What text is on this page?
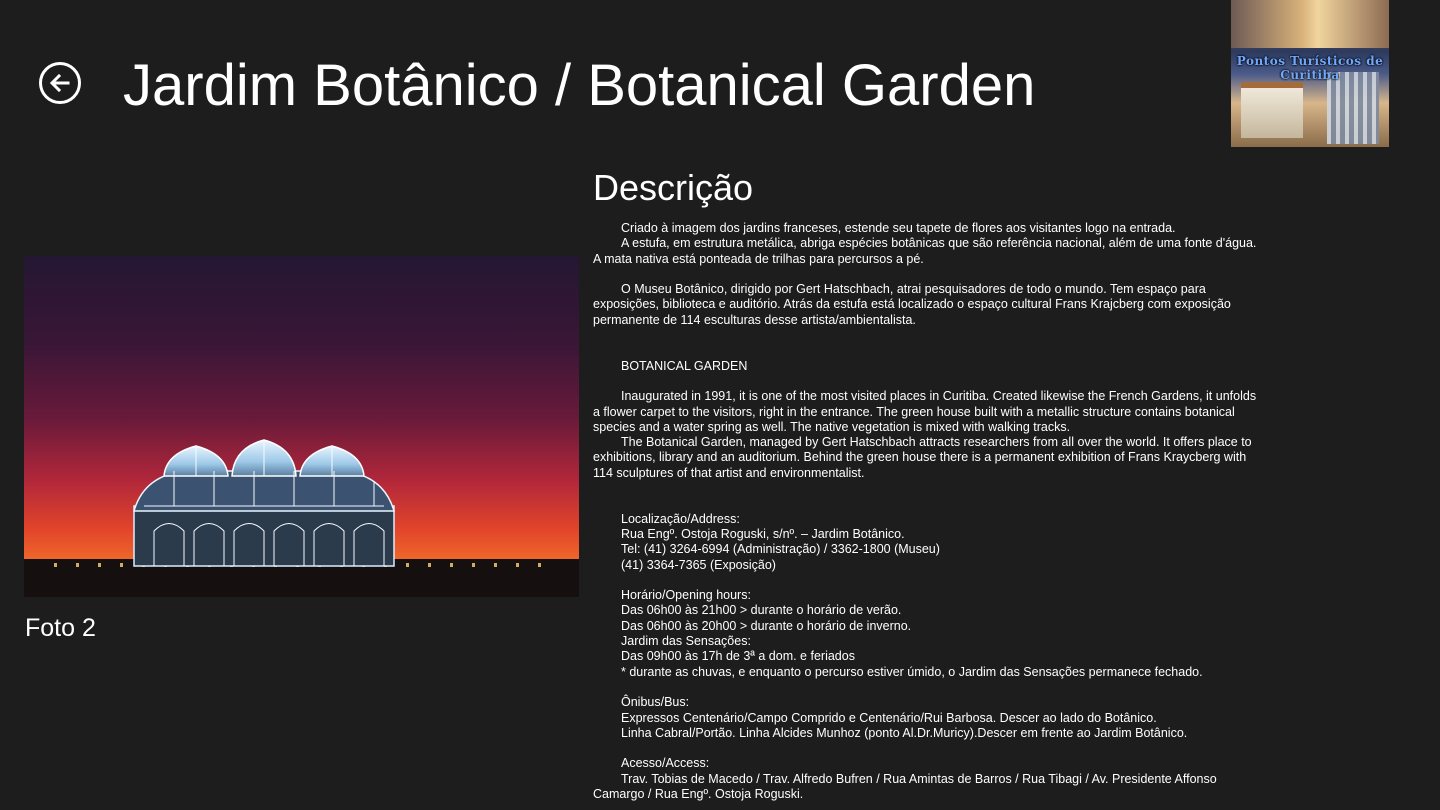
Jardim Botânico / Botanical Garden	Pontos Turísticos de Curitiba
Foto 2
Descrição

Criado à imagem dos jardins franceses, estende seu tapete de flores aos visitantes logo na entrada.

A estufa, em estrutura metálica, abriga espécies botânicas que são referência nacional, além de uma fonte d'água. A mata nativa está ponteada de trilhas para percursos a pé.

O Museu Botânico, dirigido por Gert Hatschbach, atrai pesquisadores de todo o mundo. Tem espaço para exposições, biblioteca e auditório. Atrás da estufa está localizado o espaço cultural Frans Krajcberg com exposição permanente de 114 esculturas desse artista/ambientalista.

BOTANICAL GARDEN

Inaugurated in 1991, it is one of the most visited places in Curitiba. Created likewise the French Gardens, it unfolds a flower carpet to the visitors, right in the entrance. The green house built with a metallic structure contains botanical species and a water spring as well. The native vegetation is mixed with walking tracks.

The Botanical Garden, managed by Gert Hatschbach attracts researchers from all over the world. It offers place to exhibitions, library and an auditorium. Behind the green house there is a permanent exhibition of Frans Kraycberg with 114 sculptures of that artist and environmentalist.

Localização/Address:

Rua Engº. Ostoja Roguski, s/nº. – Jardim Botânico.

Tel: (41) 3264-6994 (Administração) / 3362-1800 (Museu)

(41) 3364-7365 (Exposição)

Horário/Opening hours:

Das 06h00 às 21h00 > durante o horário de verão.

Das 06h00 às 20h00 > durante o horário de inverno.

Jardim das Sensações:

Das 09h00 às 17h de 3ª a dom. e feriados

* durante as chuvas, e enquanto o percurso estiver úmido, o Jardim das Sensações permanece fechado.

Ônibus/Bus:

Expressos Centenário/Campo Comprido e Centenário/Rui Barbosa. Descer ao lado do Botânico.

Linha Cabral/Portão. Linha Alcides Munhoz (ponto Al.Dr.Muricy).Descer em frente ao Jardim Botânico.

Acesso/Access:

Trav. Tobias de Macedo / Trav. Alfredo Bufren / Rua Amintas de Barros / Rua Tibagi / Av. Presidente Affonso Camargo / Rua Engº. Ostoja Roguski.
